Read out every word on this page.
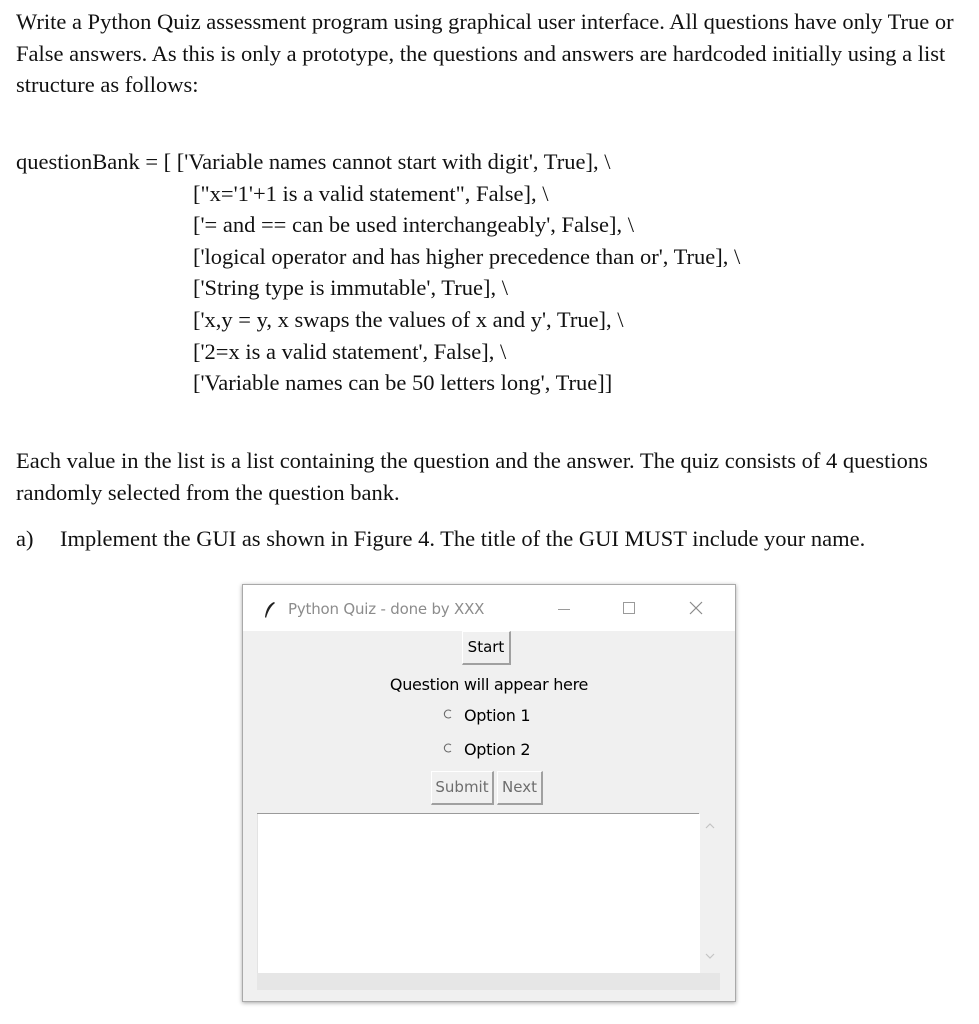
Write a Python Quiz assessment program using graphical user interface. All questions have only True or False answers. As this is only a prototype, the questions and answers are hardcoded initially using a list structure as follows:

questionBank = [ ['Variable names cannot start with digit', True], \
["x='1'+1 is a valid statement", False], \
['= and == can be used interchangeably', False], \
['logical operator and has higher precedence than or', True], \
['String type is immutable', True], \
['x,y = y, x swaps the values of x and y', True], \
['2=x is a valid statement', False], \
['Variable names can be 50 letters long', True]]

Each value in the list is a list containing the question and the answer. The quiz consists of 4 questions randomly selected from the question bank.

a) Implement the GUI as shown in Figure 4. The title of the GUI MUST include your name.
Python Quiz - done by XXX
Start
Question will appear here
Option 1
Option 2
Submit Next
